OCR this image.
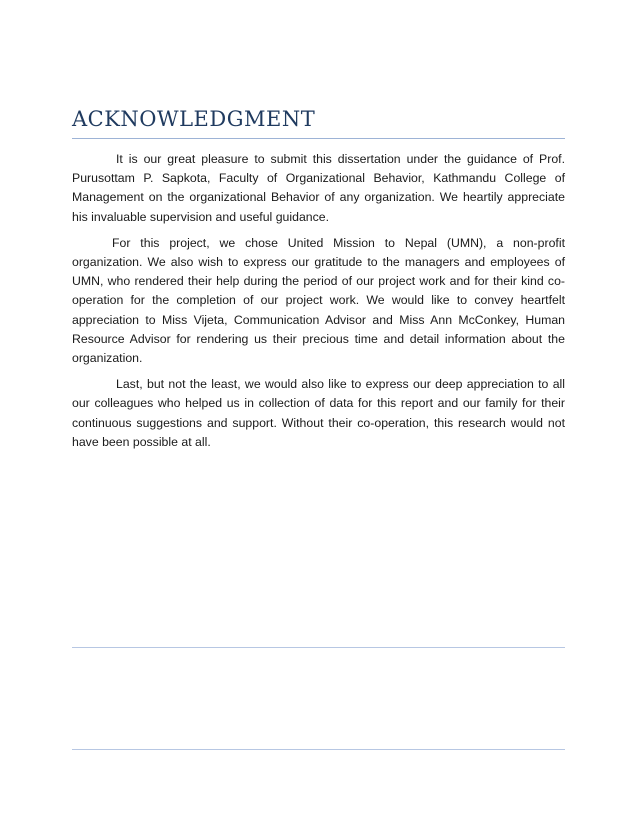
ACKNOWLEDGMENT

It is our great pleasure to submit this dissertation under the guidance of Prof. Purusottam P. Sapkota, Faculty of Organizational Behavior, Kathmandu College of Management on the organizational Behavior of any organization. We heartily appreciate his invaluable supervision and useful guidance.

For this project, we chose United Mission to Nepal (UMN), a non-profit organization. We also wish to express our gratitude to the managers and employees of UMN, who rendered their help during the period of our project work and for their kind co-operation for the completion of our project work. We would like to convey heartfelt appreciation to Miss Vijeta, Communication Advisor and Miss Ann McConkey, Human Resource Advisor for rendering us their precious time and detail information about the organization.

Last, but not the least, we would also like to express our deep appreciation to all our colleagues who helped us in collection of data for this report and our family for their continuous suggestions and support. Without their co-operation, this research would not have been possible at all.
